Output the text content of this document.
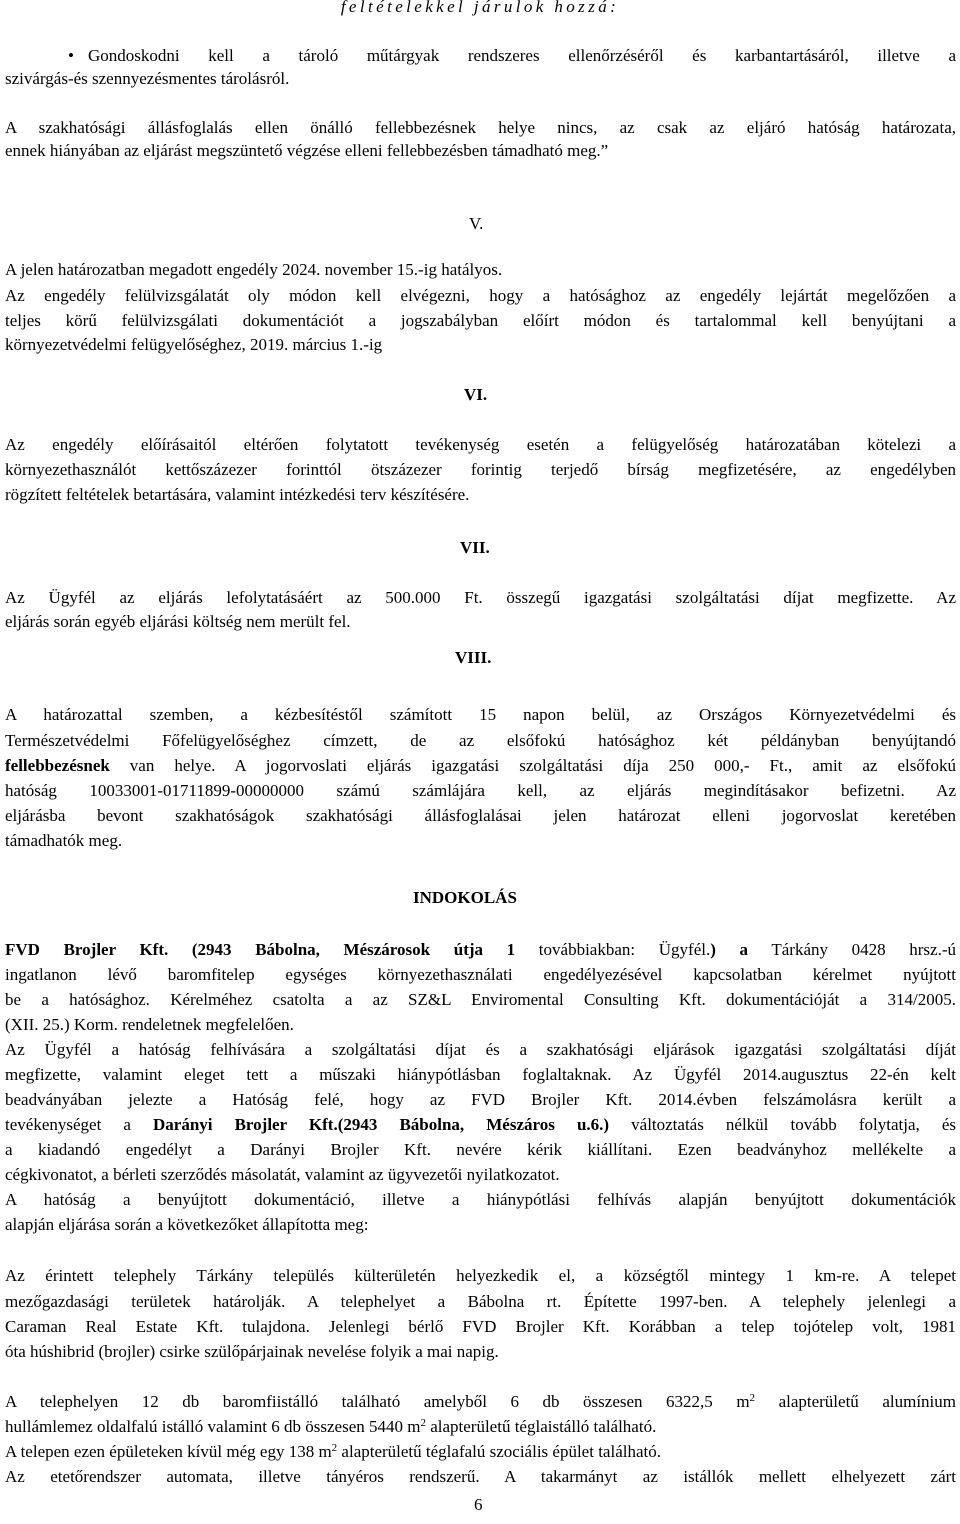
feltételekkel járulok hozzá:
• Gondoskodni kell a tároló műtárgyak rendszeres ellenőrzéséről és karbantartásáról, illetve a
szivárgás-és szennyezésmentes tárolásról.
A szakhatósági állásfoglalás ellen önálló fellebbezésnek helye nincs, az csak az eljáró hatóság határozata,
ennek hiányában az eljárást megszüntető végzése elleni fellebbezésben támadható meg.”
V.
A jelen határozatban megadott engedély 2024. november 15.-ig hatályos.
Az engedély felülvizsgálatát oly módon kell elvégezni, hogy a hatósághoz az engedély lejártát megelőzően a
teljes körű felülvizsgálati dokumentációt a jogszabályban előírt módon és tartalommal kell benyújtani a
környezetvédelmi felügyelőséghez, 2019. március 1.-ig
VI.
Az engedély előírásaitól eltérően folytatott tevékenység esetén a felügyelőség határozatában kötelezi a
környezethasználót kettőszázezer forinttól ötszázezer forintig terjedő bírság megfizetésére, az engedélyben
rögzített feltételek betartására, valamint intézkedési terv készítésére.
VII.
Az Ügyfél az eljárás lefolytatásáért az 500.000 Ft. összegű igazgatási szolgáltatási díjat megfizette. Az
eljárás során egyéb eljárási költség nem merült fel.
VIII.
A határozattal szemben, a kézbesítéstől számított 15 napon belül, az Országos Környezetvédelmi és
Természetvédelmi Főfelügyelőséghez címzett, de az elsőfokú hatósághoz két példányban benyújtandó
fellebbezésnek van helye. A jogorvoslati eljárás igazgatási szolgáltatási díja 250 000,- Ft., amit az elsőfokú
hatóság 10033001-01711899-00000000 számú számlájára kell, az eljárás megindításakor befizetni. Az
eljárásba bevont szakhatóságok szakhatósági állásfoglalásai jelen határozat elleni jogorvoslat keretében
támadhatók meg.
INDOKOLÁS
FVD Brojler Kft. (2943 Bábolna, Mészárosok útja 1 továbbiakban: Ügyfél.) a Tárkány 0428 hrsz.-ú
ingatlanon lévő baromfitelep egységes környezethasználati engedélyezésével kapcsolatban kérelmet nyújtott
be a hatósághoz. Kérelméhez csatolta a az SZ&L Enviromental Consulting Kft. dokumentációját a 314/2005.
(XII. 25.) Korm. rendeletnek megfelelően.
Az Ügyfél a hatóság felhívására a szolgáltatási díjat és a szakhatósági eljárások igazgatási szolgáltatási díját
megfizette, valamint eleget tett a műszaki hiánypótlásban foglaltaknak. Az Ügyfél 2014.augusztus 22-én kelt
beadványában jelezte a Hatóság felé, hogy az FVD Brojler Kft. 2014.évben felszámolásra került a
tevékenységet a Darányi Brojler Kft.(2943 Bábolna, Mészáros u.6.) változtatás nélkül tovább folytatja, és
a kiadandó engedélyt a Darányi Brojler Kft. nevére kérik kiállítani. Ezen beadványhoz mellékelte a
cégkivonatot, a bérleti szerződés másolatát, valamint az ügyvezetői nyilatkozatot.
A hatóság a benyújtott dokumentáció, illetve a hiánypótlási felhívás alapján benyújtott dokumentációk
alapján eljárása során a következőket állapította meg:
Az érintett telephely Tárkány település külterületén helyezkedik el, a községtől mintegy 1 km-re. A telepet
mezőgazdasági területek határolják. A telephelyet a Bábolna rt. Építette 1997-ben. A telephely jelenlegi a
Caraman Real Estate Kft. tulajdona. Jelenlegi bérlő FVD Brojler Kft. Korábban a telep tojótelep volt, 1981
óta húshibrid (brojler) csirke szülőpárjainak nevelése folyik a mai napig.
A telephelyen 12 db baromfiistálló található amelyből 6 db összesen 6322,5 $m^2$ alapterületű alumínium
hullámlemez oldalfalú istálló valamint 6 db összesen 5440 $m^2$ alapterületű téglaistálló található.
A telepen ezen épületeken kívül még egy 138 $m^2$ alapterületű téglafalú szociális épület található.
Az etetőrendszer automata, illetve tányéros rendszerű. A takarmányt az istállók mellett elhelyezett zárt
6
